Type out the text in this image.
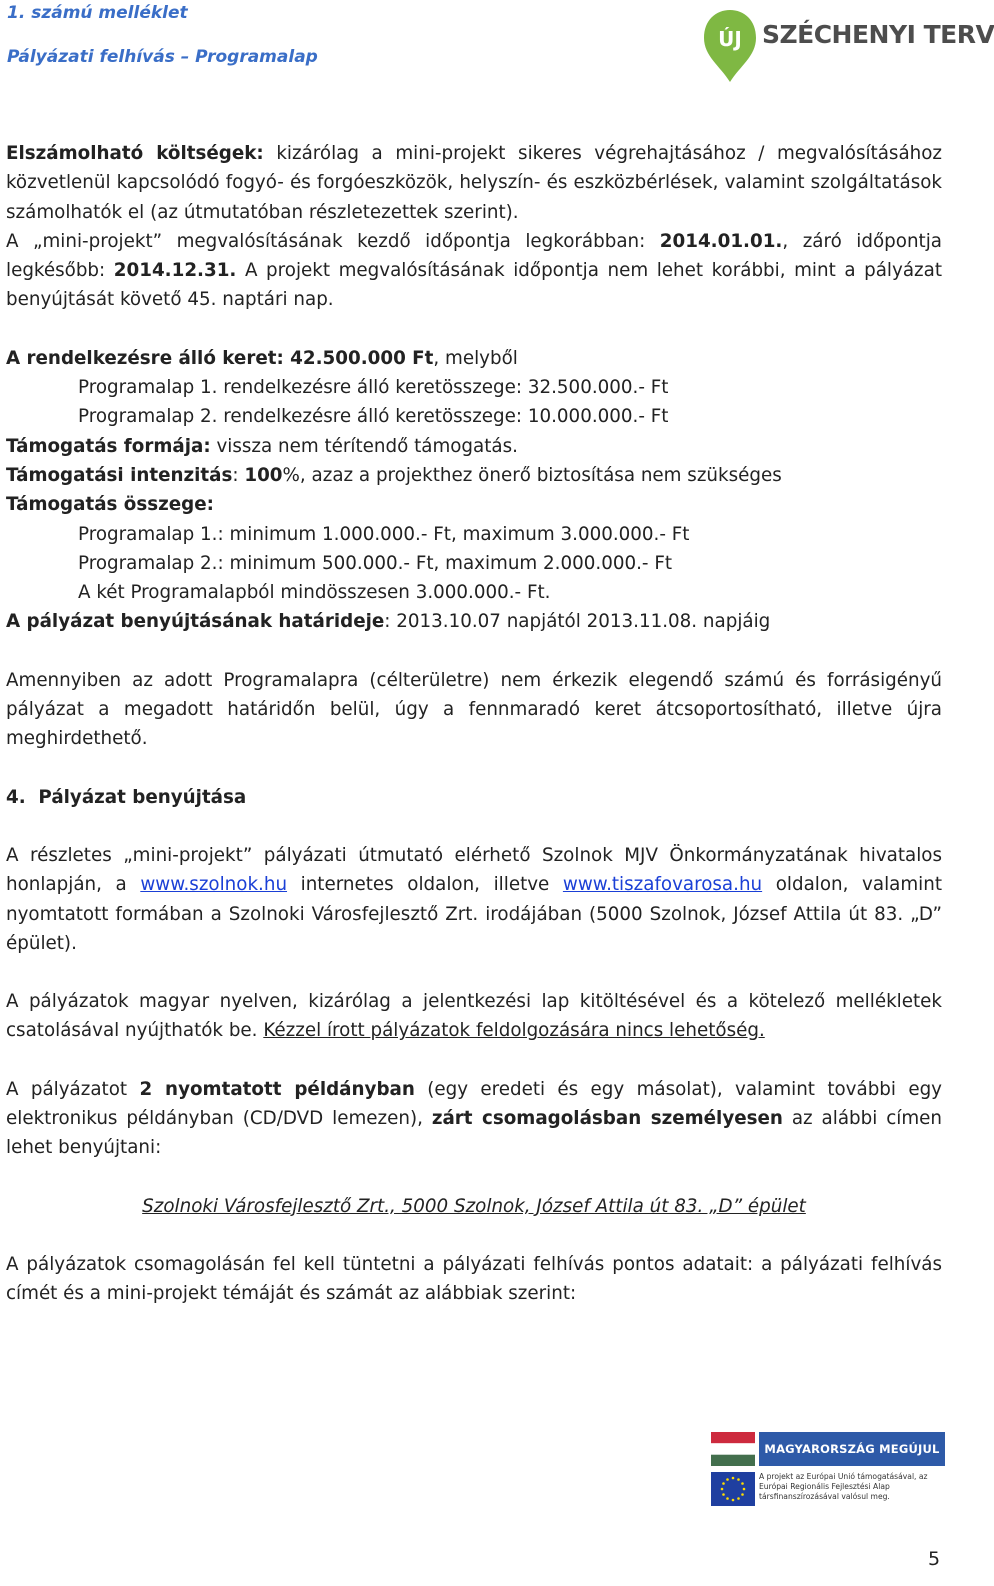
1. számú melléklet
Pályázati felhívás – Programalap
ÚJ SZÉCHENYI TERV

Elszámolható költségek: kizárólag a mini-projekt sikeres végrehajtásához / megvalósításához közvetlenül kapcsolódó fogyó- és forgóeszközök, helyszín- és eszközbérlések, valamint szolgáltatások számolhatók el (az útmutatóban részletezettek szerint).

A „mini-projekt” megvalósításának kezdő időpontja legkorábban: 2014.01.01., záró időpontja legkésőbb: 2014.12.31. A projekt megvalósításának időpontja nem lehet korábbi, mint a pályázat benyújtását követő 45. naptári nap.

A rendelkezésre álló keret: 42.500.000 Ft, melyből

Programalap 1. rendelkezésre álló keretösszege: 32.500.000.- Ft

Programalap 2. rendelkezésre álló keretösszege: 10.000.000.- Ft

Támogatás formája: vissza nem térítendő támogatás.

Támogatási intenzitás: 100%, azaz a projekthez önerő biztosítása nem szükséges

Támogatás összege:

Programalap 1.: minimum 1.000.000.- Ft, maximum 3.000.000.- Ft

Programalap 2.: minimum 500.000.- Ft, maximum 2.000.000.- Ft

A két Programalapból mindösszesen 3.000.000.- Ft.

A pályázat benyújtásának határideje: 2013.10.07 napjától 2013.11.08. napjáig

Amennyiben az adott Programalapra (célterületre) nem érkezik elegendő számú és forrásigényű pályázat a megadott határidőn belül, úgy a fennmaradó keret átcsoportosítható, illetve újra meghirdethető.

4. Pályázat benyújtása

A részletes „mini-projekt” pályázati útmutató elérhető Szolnok MJV Önkormányzatának hivatalos honlapján, a www.szolnok.hu internetes oldalon, illetve www.tiszafovarosa.hu oldalon, valamint nyomtatott formában a Szolnoki Városfejlesztő Zrt. irodájában (5000 Szolnok, József Attila út 83. „D” épület).

A pályázatok magyar nyelven, kizárólag a jelentkezési lap kitöltésével és a kötelező mellékletek csatolásával nyújthatók be. Kézzel írott pályázatok feldolgozására nincs lehetőség.

A pályázatot 2 nyomtatott példányban (egy eredeti és egy másolat), valamint további egy elektronikus példányban (CD/DVD lemezen), zárt csomagolásban személyesen az alábbi címen lehet benyújtani:

Szolnoki Városfejlesztő Zrt., 5000 Szolnok, József Attila út 83. „D” épület

A pályázatok csomagolásán fel kell tüntetni a pályázati felhívás pontos adatait: a pályázati felhívás címét és a mini-projekt témáját és számát az alábbiak szerint:

MAGYARORSZÁG MEGÚJUL
A projekt az Európai Unió támogatásával, az Európai Regionális Fejlesztési Alap társfinanszírozásával valósul meg.
5
